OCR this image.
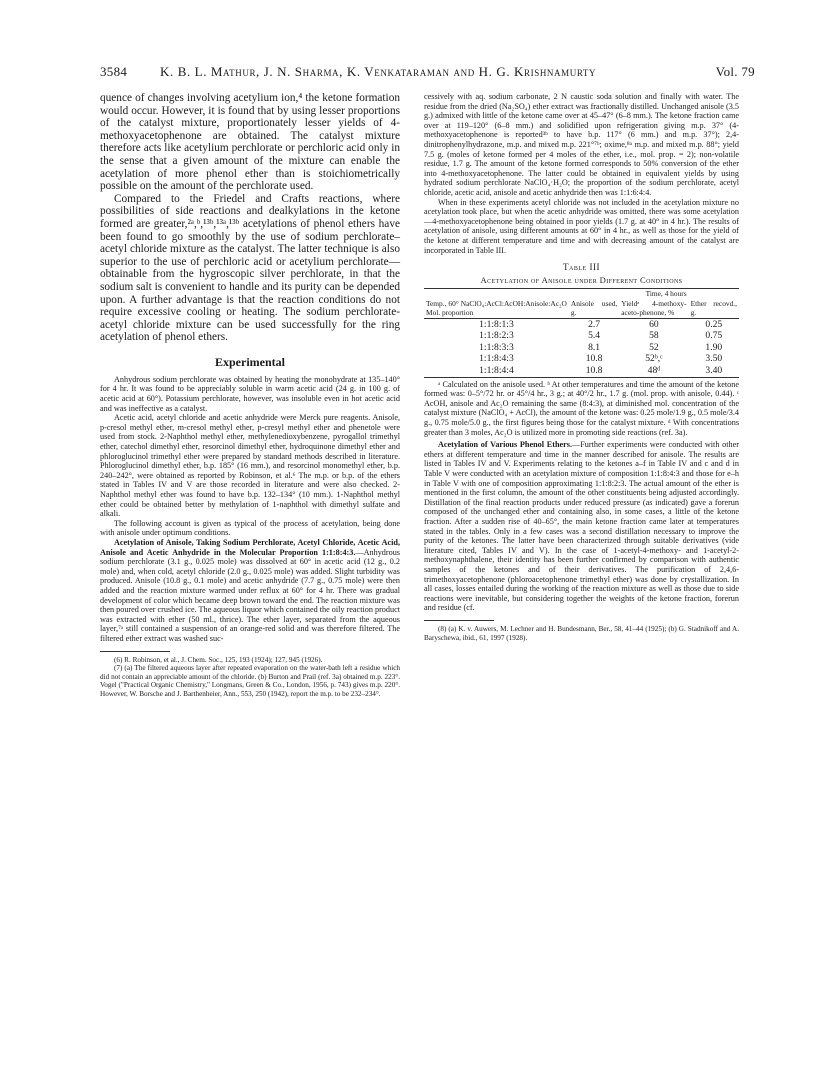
3584	K. B. L. Mathur, J. N. Sharma, K. Venkataraman and H. G. Krishnamurty	Vol. 79

quence of changes involving acetylium ion,⁴ the ketone formation would occur. However, it is found that by using lesser proportions of the catalyst mixture, proportionately lesser yields of 4-methoxyacetophenone are obtained. The catalyst mixture therefore acts like acetylium perchlorate or perchloric acid only in the sense that a given amount of the mixture can enable the acetylation of more phenol ether than is stoichiometrically possible on the amount of the perchlorate used.

Compared to the Friedel and Crafts reactions, where possibilities of side reactions and dealkylations in the ketone formed are greater,²ᵃ,ᵇ,¹³ᵇ,¹³ᵃ,¹³ᵇ acetylations of phenol ethers have been found to go smoothly by the use of sodium perchlorate–acetyl chloride mixture as the catalyst. The latter technique is also superior to the use of perchloric acid or acetylium perchlorate—obtainable from the hygroscopic silver perchlorate, in that the sodium salt is convenient to handle and its purity can be depended upon. A further advantage is that the reaction conditions do not require excessive cooling or heating. The sodium perchlorate-acetyl chloride mixture can be used successfully for the ring acetylation of phenol ethers.

Experimental

Anhydrous sodium perchlorate was obtained by heating the monohydrate at 135–140° for 4 hr. It was found to be appreciably soluble in warm acetic acid (24 g. in 100 g. of acetic acid at 60°). Potassium perchlorate, however, was insoluble even in hot acetic acid and was ineffective as a catalyst.

Acetic acid, acetyl chloride and acetic anhydride were Merck pure reagents. Anisole, p-cresol methyl ether, m-cresol methyl ether, p-cresyl methyl ether and phenetole were used from stock. 2-Naphthol methyl ether, methylenedioxybenzene, pyrogallol trimethyl ether, catechol dimethyl ether, resorcinol dimethyl ether, hydroquinone dimethyl ether and phloroglucinol trimethyl ether were prepared by standard methods described in literature. Phloroglucinol dimethyl ether, b.p. 185° (16 mm.), and resorcinol monomethyl ether, b.p. 240–242°, were obtained as reported by Robinson, et al.⁶ The m.p. or b.p. of the ethers stated in Tables IV and V are those recorded in literature and were also checked. 2-Naphthol methyl ether was found to have b.p. 132–134° (10 mm.). 1-Naphthol methyl ether could be obtained better by methylation of 1-naphthol with dimethyl sulfate and alkali.

The following account is given as typical of the process of acetylation, being done with anisole under optimum conditions.

Acetylation of Anisole, Taking Sodium Perchlorate, Acetyl Chloride, Acetic Acid, Anisole and Acetic Anhydride in the Molecular Proportion 1:1:8:4:3.—Anhydrous sodium perchlorate (3.1 g., 0.025 mole) was dissolved at 60° in acetic acid (12 g., 0.2 mole) and, when cold, acetyl chloride (2.0 g., 0.025 mole) was added. Slight turbidity was produced. Anisole (10.8 g., 0.1 mole) and acetic anhydride (7.7 g., 0.75 mole) were then added and the reaction mixture warmed under reflux at 60° for 4 hr. There was gradual development of color which became deep brown toward the end. The reaction mixture was then poured over crushed ice. The aqueous liquor which contained the oily reaction product was extracted with ether (50 ml., thrice). The ether layer, separated from the aqueous layer,⁷ᵃ still contained a suspension of an orange-red solid and was therefore filtered. The filtered ether extract was washed suc-

(6) R. Robinson, et al., J. Chem. Soc., 125, 193 (1924); 127, 945 (1926).

(7) (a) The filtered aqueous layer after repeated evaporation on the water-bath left a residue which did not contain an appreciable amount of the chloride. (b) Burton and Prail (ref. 3a) obtained m.p. 223°. Vogel ("Practical Organic Chemistry," Longmans, Green & Co., London, 1956, p. 743) gives m.p. 220°. However, W. Borsche and J. Barthenheier, Ann., 553, 250 (1942), report the m.p. to be 232–234°.

cessively with aq. sodium carbonate, 2 N caustic soda solution and finally with water. The residue from the dried (Na₂SO₄) ether extract was fractionally distilled. Unchanged anisole (3.5 g.) admixed with little of the ketone came over at 45–47° (6–8 mm.). The ketone fraction came over at 119–120° (6–8 mm.) and solidified upon refrigeration giving m.p. 37° (4-methoxyacetophenone is reported³ᵇ to have b.p. 117° (6 mm.) and m.p. 37°); 2,4-dinitrophenylhydrazone, m.p. and mixed m.p. 221°⁷ᵇ; oxime,⁸ᵃ m.p. and mixed m.p. 88°; yield 7.5 g. (moles of ketone formed per 4 moles of the ether, i.e., mol. prop. = 2); non-volatile residue, 1.7 g. The amount of the ketone formed corresponds to 50% conversion of the ether into 4-methoxyacetophenone. The latter could be obtained in equivalent yields by using hydrated sodium perchlorate NaClO₄·H₂O; the proportion of the sodium perchlorate, acetyl chloride, acetic acid, anisole and acetic anhydride then was 1:1:6:4:4.

When in these experiments acetyl chloride was not included in the acetylation mixture no acetylation took place, but when the acetic anhydride was omitted, there was some acetylation—4-methoxyacetophenone being obtained in poor yields (1.7 g. at 40° in 4 hr.). The results of acetylation of anisole, using different amounts at 60° in 4 hr., as well as those for the yield of the ketone at different temperature and time and with decreasing amount of the catalyst are incorporated in Table III.

Table III
Acetylation of Anisole under Different Conditions
Temp., 60° NaClO₄:AcCl:AcOH:Anisole:Ac₂O Mol. proportion	Anisole used, g.	Time, 4 hours
Yieldᵃ 4-methoxy-aceto-phenone, %	Ether recovd., g.
1:1:8:1:3	2.7	60	0.25
1:1:8:2:3	5.4	58	0.75
1:1:8:3:3	8.1	52	1.90
1:1:8:4:3	10.8	52ᵇ,ᶜ	3.50
1:1:8:4:4	10.8	48ᵈ	3.40

ᵃ Calculated on the anisole used. ᵇ At other temperatures and time the amount of the ketone formed was: 0–5°/72 hr. or 45°/4 hr., 3 g.; at 40°/2 hr., 1.7 g. (mol. prop. with anisole, 0.44). ᶜ AcOH, anisole and Ac₂O remaining the same (8:4:3), at diminished mol. concentration of the catalyst mixture (NaClO₄ + AcCl), the amount of the ketone was: 0.25 mole/1.9 g., 0.5 mole/3.4 g., 0.75 mole/5.0 g., the first figures being those for the catalyst mixture. ᵈ With concentrations greater than 3 moles, Ac₂O is utilized more in promoting side reactions (ref. 3a).

Acetylation of Various Phenol Ethers.—Further experiments were conducted with other ethers at different temperature and time in the manner described for anisole. The results are listed in Tables IV and V. Experiments relating to the ketones a–f in Table IV and c and d in Table V were conducted with an acetylation mixture of composition 1:1:8:4:3 and those for e–h in Table V with one of composition approximating 1:1:8:2:3. The actual amount of the ether is mentioned in the first column, the amount of the other constituents being adjusted accordingly. Distillation of the final reaction products under reduced pressure (as indicated) gave a forerun composed of the unchanged ether and containing also, in some cases, a little of the ketone fraction. After a sudden rise of 40–65°, the main ketone fraction came later at temperatures stated in the tables. Only in a few cases was a second distillation necessary to improve the purity of the ketones. The latter have been characterized through suitable derivatives (vide literature cited, Tables IV and V). In the case of 1-acetyl-4-methoxy- and 1-acetyl-2-methoxynaphthalene, their identity has been further confirmed by comparison with authentic samples of the ketones and of their derivatives. The purification of 2,4,6-trimethoxyacetophenone (phloroacetophenone trimethyl ether) was done by crystallization. In all cases, losses entailed during the working of the reaction mixture as well as those due to side reactions were inevitable, but considering together the weights of the ketone fraction, forerun and residue (cf.

(8) (a) K. v. Auwers, M. Lechner and H. Bundesmann, Ber., 58, 41–44 (1925); (b) G. Stadnikoff and A. Baryschewa, ibid., 61, 1997 (1928).
